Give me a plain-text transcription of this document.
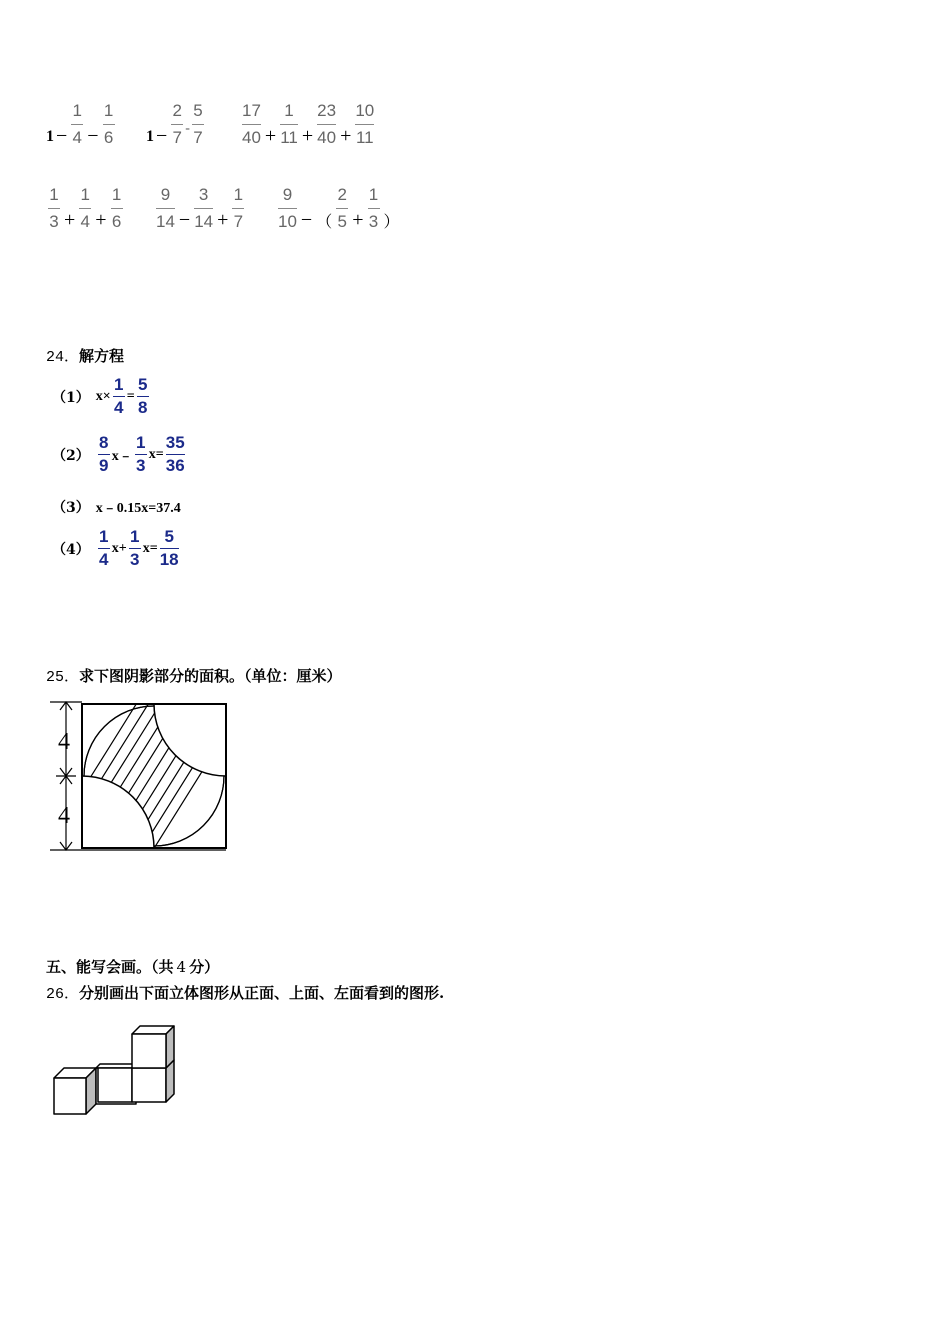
1 −
1
4 −
1
6 1 −
2
7 -
5
7
17
40 +
1
11 +
23
40 +
10
11
1
3 +
1
4 +
1
6
9
14 −
3
14 +
1
7
9
10 − （
2
5 +
1
3 ）
24．解方程
（1） x×
1
4
=
5
8
（2）
8
9 x﹣
1
3
x=
35
36
（3） x﹣0.15x=37.4
（4）
1
4
x+
1
3
x=
5
18
25．求下图阴影部分的面积。（单位：厘米）
4
4
五、能写会画。（共 4 分）
26．分别画出下面立体图形从正面、上面、左面看到的图形.
